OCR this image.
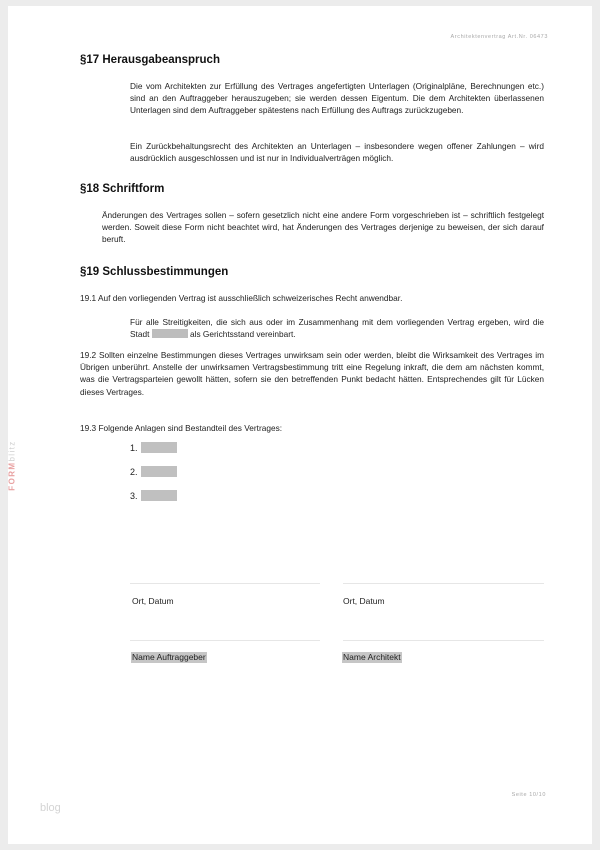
Architektenvertrag Art.Nr. 06473
FORMblitz
§17 Herausgabeanspruch

Die vom Architekten zur Erfüllung des Vertrages angefertigten Unterlagen (Originalpläne, Berechnungen etc.) sind an den Auftraggeber herauszugeben; sie werden dessen Eigentum. Die dem Architekten überlassenen Unterlagen sind dem Auftraggeber spätestens nach Erfüllung des Auftrags zurückzugeben.

Ein Zurückbehaltungsrecht des Architekten an Unterlagen – insbesondere wegen offener Zahlungen – wird ausdrücklich ausgeschlossen und ist nur in Individualverträgen möglich.

§18 Schriftform

Änderungen des Vertrages sollen – sofern gesetzlich nicht eine andere Form vorgeschrieben ist – schriftlich festgelegt werden. Soweit diese Form nicht beachtet wird, hat Änderungen des Vertrages derjenige zu beweisen, der sich darauf beruft.

§19 Schlussbestimmungen

19.1 Auf den vorliegenden Vertrag ist ausschließlich schweizerisches Recht anwendbar.

Für alle Streitigkeiten, die sich aus oder im Zusammenhang mit dem vorliegenden Vertrag ergeben, wird die Stadt	als Gerichtsstand vereinbart.

19.2 Sollten einzelne Bestimmungen dieses Vertrages unwirksam sein oder werden, bleibt die Wirksamkeit des Vertrages im Übrigen unberührt. Anstelle der unwirksamen Vertragsbestimmung tritt eine Regelung inkraft, die dem am nächsten kommt, was die Vertragsparteien gewollt hätten, sofern sie den betreffenden Punkt bedacht hätten. Entsprechendes gilt für Lücken dieses Vertrages.

19.3 Folgende Anlagen sind Bestandteil des Vertrages:

1.
2.
3.
Ort, Datum	Ort, Datum
Name Auftraggeber	Name Architekt
Seite 10/10
blog
